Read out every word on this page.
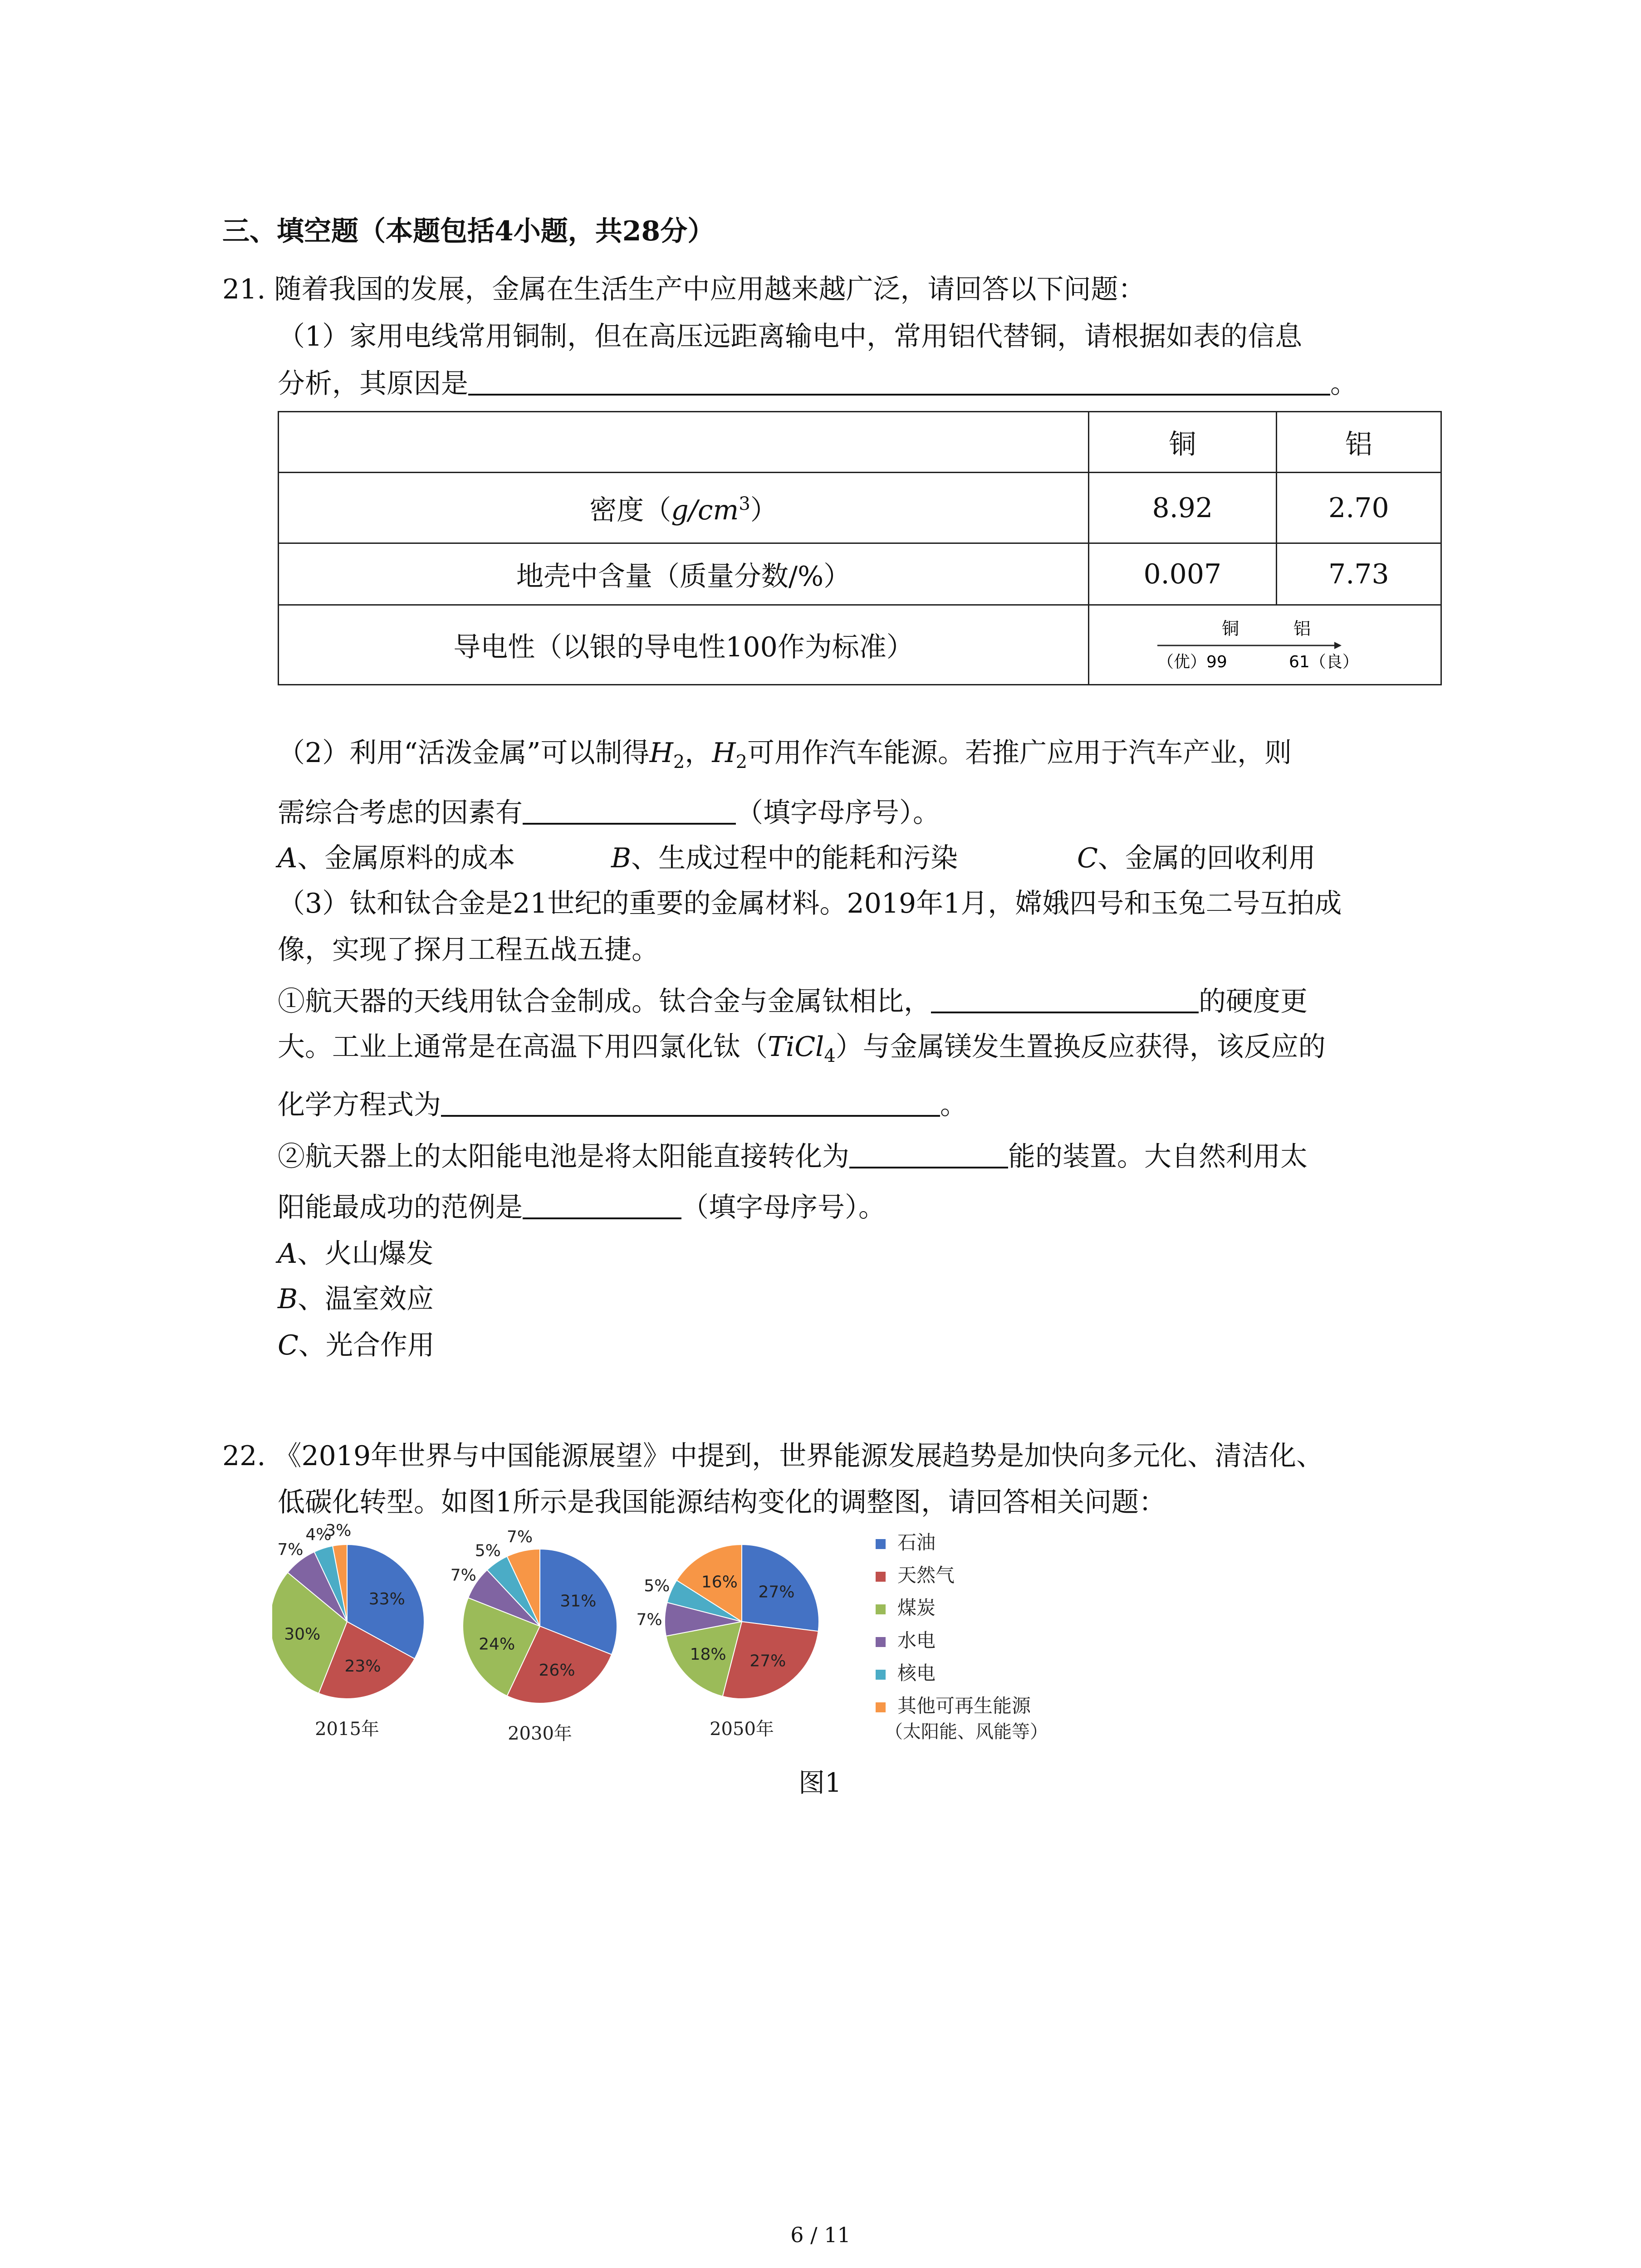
三、填空题（本题包括4小题，共28分）
21. 随着我国的发展，金属在生活生产中应用越来越广泛，请回答以下问题：
（1）家用电线常用铜制，但在高压远距离输电中，常用铝代替铜，请根据如表的信息
分析，其原因是	。
	铜	铝
密度$(g/cm^3)$	8.92	2.70
地壳中含量（质量分数/%）	0.007	7.73
导电性（以银的导电性100作为标准）	铜 铝
（优）99 61（良）	
（2）利用“活泼金属”可以制得$H_2$，$H_2$可用作汽车能源。若推广应用于汽车产业，则
需综合考虑的因素有	（填字母序号）。
A、金属原料的成本	B、生成过程中的能耗和污染	C、金属的回收利用
（3）钛和钛合金是21世纪的重要的金属材料。2019年1月，嫦娥四号和玉兔二号互拍成
像，实现了探月工程五战五捷。
①航天器的天线用钛合金制成。钛合金与金属钛相比，	的硬度更
大。工业上通常是在高温下用四氯化钛（TiCl$_4$）与金属镁发生置换反应获得，该反应的
化学方程式为	。
②航天器上的太阳能电池是将太阳能直接转化为	能的装置。大自然利用太
阳能最成功的范例是	（填字母序号）。
A、火山爆发
B、温室效应
C、光合作用
22. 《2019年世界与中国能源展望》中提到，世界能源发展趋势是加快向多元化、清洁化、
低碳化转型。如图1所示是我国能源结构变化的调整图，请回答相关问题：
33%
23%
30%
7%
4%
3%
2015年
31%
26%
24%
7%
5%
7%
2030年
27%
27%
18%
7%
5% 16%
2050年
石油
天然气
煤炭
水电
核电
其他可再生能源
（太阳能、风能等）
图1
6 / 11
